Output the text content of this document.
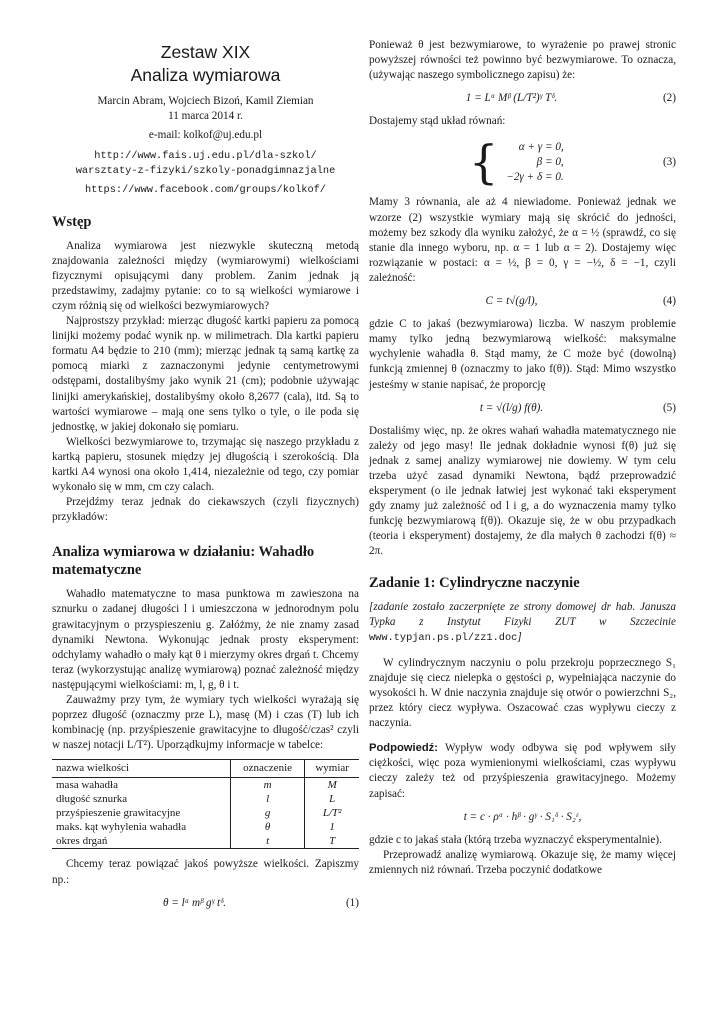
Zestaw XIX
Analiza wymiarowa
Marcin Abram, Wojciech Bizoń, Kamil Ziemian
11 marca 2014 r.
e-mail: kolkof@uj.edu.pl
http://www.fais.uj.edu.pl/dla-szkol/
warsztaty-z-fizyki/szkoly-ponadgimnazjalne
https://www.facebook.com/groups/kolkof/
Wstęp

Analiza wymiarowa jest niezwykle skuteczną metodą znajdowania zależności między (wymiarowymi) wielkościami fizycznymi opisującymi dany problem. Zanim jednak ją przedstawimy, zadajmy pytanie: co to są wielkości wymiarowe i czym różnią się od wielkości bezwymiarowych?

Najprostszy przykład: mierząc długość kartki papieru za pomocą linijki możemy podać wynik np. w milimetrach. Dla kartki papieru formatu A4 będzie to 210 (mm); mierząc jednak tą samą kartkę za pomocą miarki z zaznaczonymi jedynie centymetrowymi odstępami, dostalibyśmy jako wynik 21 (cm); podobnie używając linijki amerykańskiej, dostalibyśmy około 8,2677 (cala), itd. Są to wartości wymiarowe – mają one sens tylko o tyle, o ile poda się jednostkę, w jakiej dokonało się pomiaru.

Wielkości bezwymiarowe to, trzymając się naszego przykładu z kartką papieru, stosunek między jej długością i szerokością. Dla kartki A4 wynosi ona około 1,414, niezależnie od tego, czy pomiar wykonało się w mm, cm czy calach.

Przejdźmy teraz jednak do ciekawszych (czyli fizycznych) przykładów:

Analiza wymiarowa w działaniu: Wahadło matematyczne

Wahadło matematyczne to masa punktowa m zawieszona na sznurku o zadanej długości l i umieszczona w jednorodnym polu grawitacyjnym o przyspieszeniu g. Załóżmy, że nie znamy zasad dynamiki Newtona. Wykonując jednak prosty eksperyment: odchylamy wahadło o mały kąt θ i mierzymy okres drgań t. Chcemy teraz (wykorzystując analizę wymiarową) poznać zależność między następującymi wielkościami: m, l, g, θ i t.

Zauważmy przy tym, że wymiary tych wielkości wyrażają się poprzez długość (oznaczmy prze L), masę (M) i czas (T) lub ich kombinację (np. przyśpieszenie grawitacyjne to długość/czas² czyli w naszej notacji L/T²). Uporządkujmy informacje w tabelce:

nazwa wielkości	oznaczenie	wymiar
masa wahadła	m	M
długość sznurka	l	L
przyśpieszenie grawitacyjne	g	L/T²
maks. kąt wyhylenia wahadła	θ	1
okres drgań	t	T

Chcemy teraz powiązać jakoś powyższe wielkości. Zapiszmy np.:

θ = lᵅ mᵝ gᵞ tᵟ.	(1)

Ponieważ θ jest bezwymiarowe, to wyrażenie po prawej stronic powyższej równości też powinno być bezwymiarowe. To oznacza, (używając naszego symbolicznego zapisu) że:

1 = Lᵅ Mᵝ (L/T²)ᵞ Tᵟ.	(2)

Dostajemy stąd układ równań:

{	α + γ = 0,
β = 0,
−2γ + δ = 0.
(3)

Mamy 3 równania, ale aż 4 niewiadome. Ponieważ jednak we wzorze (2) wszystkie wymiary mają się skrócić do jedności, możemy bez szkody dla wyniku założyć, że α = ½ (sprawdź, co się stanie dla innego wyboru, np. α = 1 lub α = 2). Dostajemy więc rozwiązanie w postaci: α = ½, β = 0, γ = −½, δ = −1, czyli zależność:

C = t√(g/l),	(4)

gdzie C to jakaś (bezwymiarowa) liczba. W naszym problemie mamy tylko jedną bezwymiarową wielkość: maksymalne wychylenie wahadła θ. Stąd mamy, że C może być (dowolną) funkcją zmiennej θ (oznaczmy to jako f(θ)). Stąd: Mimo wszystko jesteśmy w stanie napisać, że proporcję

t = √(l/g) f(θ).	(5)

Dostaliśmy więc, np. że okres wahań wahadła matematycznego nie zależy od jego masy! Ile jednak dokładnie wynosi f(θ) już się jednak z samej analizy wymiarowej nie dowiemy. W tym celu trzeba użyć zasad dynamiki Newtona, bądź przeprowadzić eksperyment (o ile jednak łatwiej jest wykonać taki eksperyment gdy znamy już zależność od l i g, a do wyznaczenia mamy tylko funkcję bezwymiarową f(θ)). Okazuje się, że w obu przypadkach (teoria i eksperyment) dostajemy, że dla małych θ zachodzi f(θ) ≈ 2π.

Zadanie 1: Cylindryczne naczynie
[zadanie zostało zaczerpnięte ze strony domowej dr hab. Janusza Typka z Instytut Fizyki ZUT w Szczecinie www.typjan.ps.pl/zz1.doc]

W cylindrycznym naczyniu o polu przekroju poprzecznego S₁ znajduje się ciecz nielepka o gęstości ρ, wypełniająca naczynie do wysokości h. W dnie naczynia znajduje się otwór o powierzchni S₂, przez który ciecz wypływa. Oszacować czas wypływu cieczy z naczynia.

Podpowiedź: Wypływ wody odbywa się pod wpływem siły ciężkości, więc poza wymienionymi wielkościami, czas wypływu cieczy zależy też od przyśpieszenia grawitacyjnego. Możemy zapisać:

t = c · ρᵅ · hᵝ · gᵞ · S₁ᵟ · S₂ᵋ,

gdzie c to jakaś stała (którą trzeba wyznaczyć eksperymentalnie).

Przeprowadź analizę wymiarową. Okazuje się, że mamy więcej zmiennych niż równań. Trzeba poczynić dodatkowe
